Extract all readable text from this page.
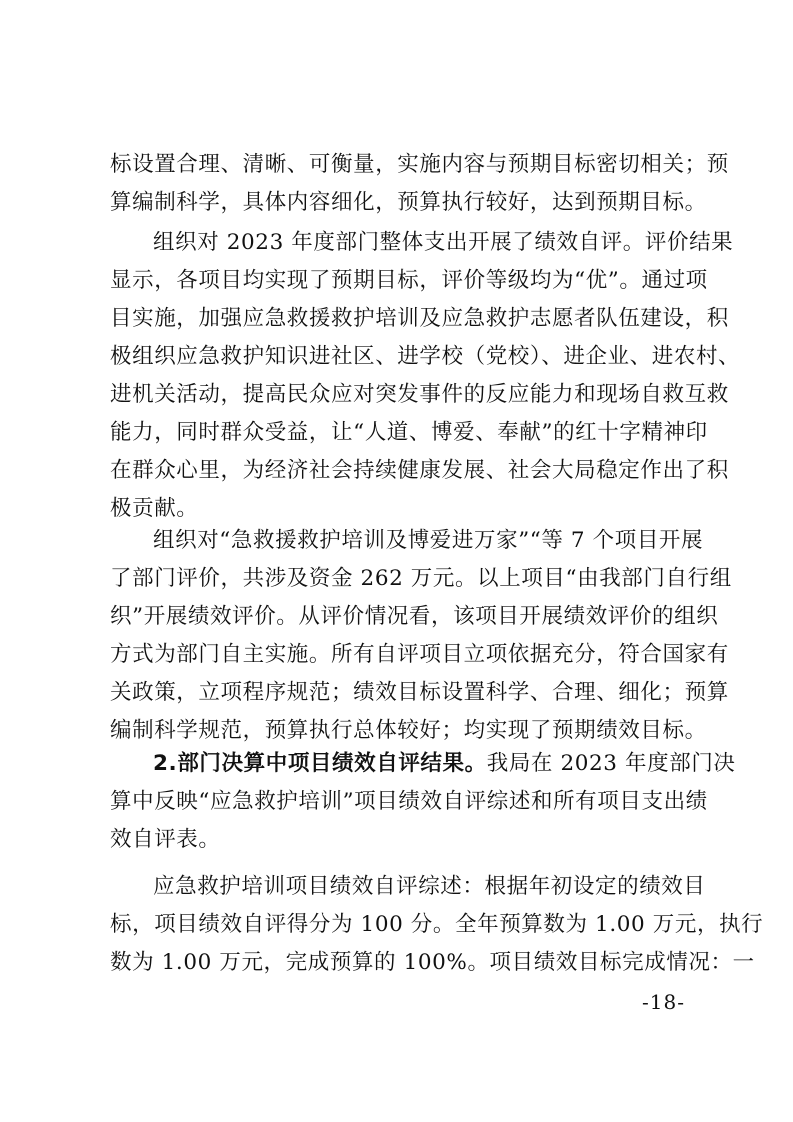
标设置合理、清晰、可衡量，实施内容与预期目标密切相关；预
算编制科学，具体内容细化，预算执行较好，达到预期目标。
组织对 2023 年度部门整体支出开展了绩效自评。评价结果
显示，各项目均实现了预期目标，评价等级均为“优”。通过项
目实施，加强应急救援救护培训及应急救护志愿者队伍建设，积
极组织应急救护知识进社区、进学校（党校）、进企业、进农村、
进机关活动，提高民众应对突发事件的反应能力和现场自救互救
能力，同时群众受益，让“人道、博爱、奉献”的红十字精神印
在群众心里，为经济社会持续健康发展、社会大局稳定作出了积
极贡献。
组织对“急救援救护培训及博爱进万家”“等 7 个项目开展
了部门评价，共涉及资金 262 万元。以上项目“由我部门自行组
织”开展绩效评价。从评价情况看，该项目开展绩效评价的组织
方式为部门自主实施。所有自评项目立项依据充分，符合国家有
关政策，立项程序规范；绩效目标设置科学、合理、细化；预算
编制科学规范，预算执行总体较好；均实现了预期绩效目标。
2.部门决算中项目绩效自评结果。我局在 2023 年度部门决
算中反映“应急救护培训”项目绩效自评综述和所有项目支出绩
效自评表。
应急救护培训项目绩效自评综述：根据年初设定的绩效目
标，项目绩效自评得分为 100 分。全年预算数为 1.00 万元，执行
数为 1.00 万元，完成预算的 100%。项目绩效目标完成情况：一
-18-
